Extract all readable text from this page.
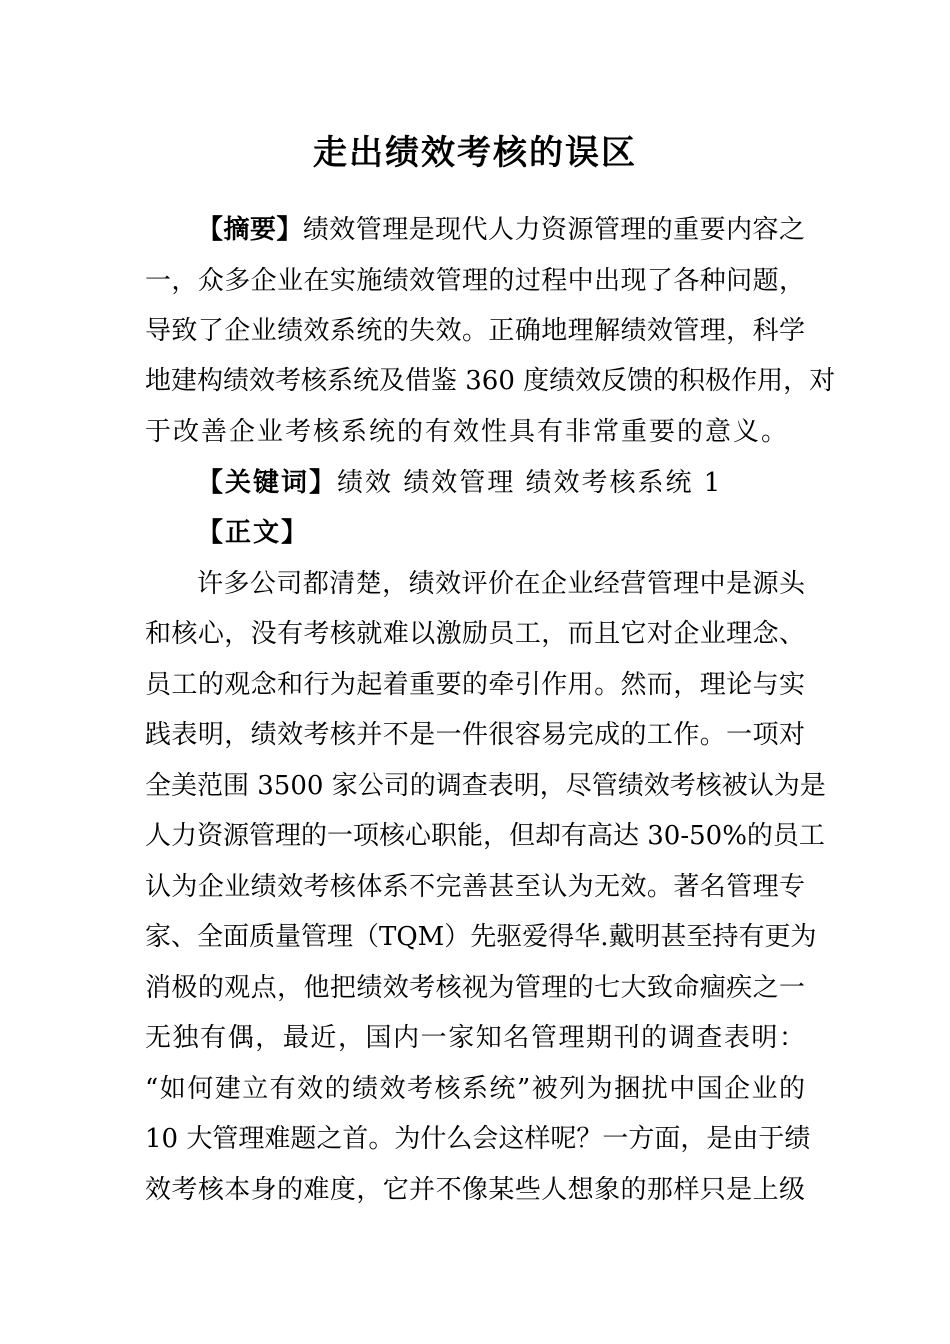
走出绩效考核的误区
【摘要】绩效管理是现代人力资源管理的重要内容之
一，众多企业在实施绩效管理的过程中出现了各种问题，
导致了企业绩效系统的失效。正确地理解绩效管理，科学
地建构绩效考核系统及借鉴 360 度绩效反馈的积极作用，对
于改善企业考核系统的有效性具有非常重要的意义。
【关键词】绩效 绩效管理 绩效考核系统 1
【正文】
许多公司都清楚，绩效评价在企业经营管理中是源头
和核心，没有考核就难以激励员工，而且它对企业理念、
员工的观念和行为起着重要的牵引作用。然而，理论与实
践表明，绩效考核并不是一件很容易完成的工作。一项对
全美范围 3500 家公司的调查表明，尽管绩效考核被认为是
人力资源管理的一项核心职能，但却有高达 30-50%的员工
认为企业绩效考核体系不完善甚至认为无效。著名管理专
家、全面质量管理（TQM）先驱爱得华.戴明甚至持有更为
消极的观点，他把绩效考核视为管理的七大致命痼疾之一
无独有偶，最近，国内一家知名管理期刊的调查表明：
“如何建立有效的绩效考核系统”被列为捆扰中国企业的
10 大管理难题之首。为什么会这样呢？一方面，是由于绩
效考核本身的难度，它并不像某些人想象的那样只是上级
